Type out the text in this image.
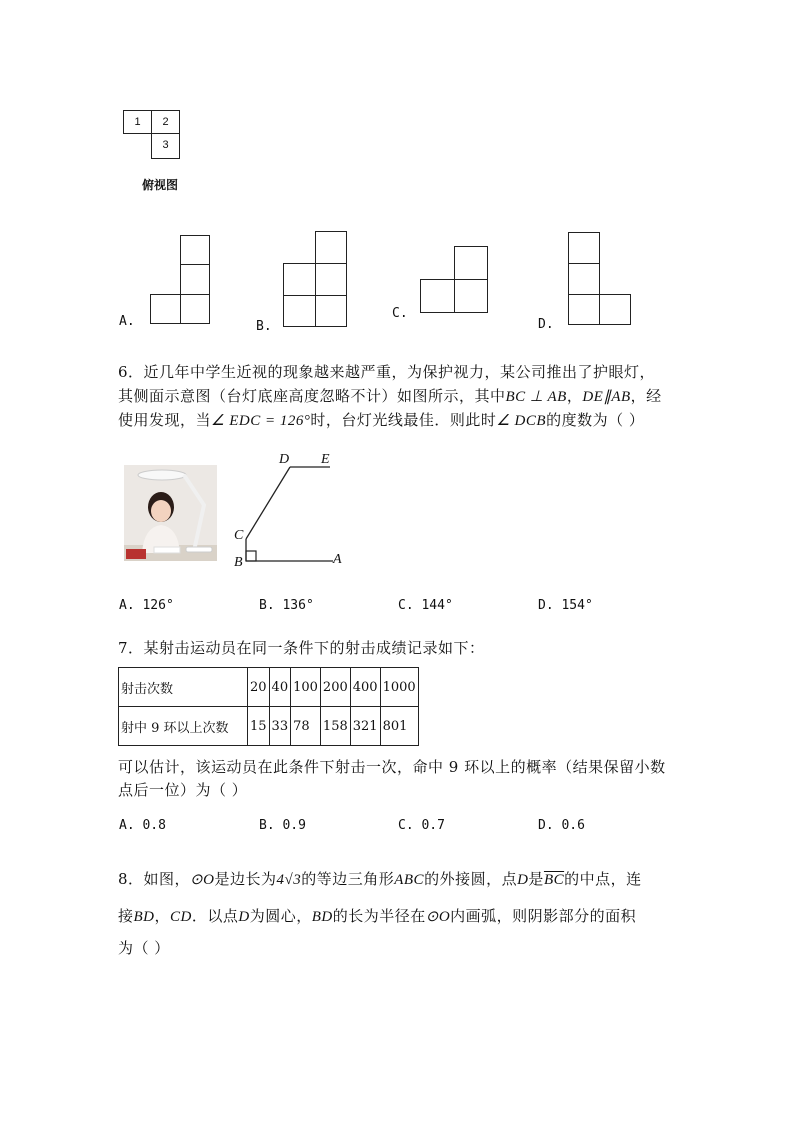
1	2
3
俯视图
A.	B.
C.
D.
6．近几年中学生近视的现象越来越严重，为保护视力，某公司推出了护眼灯，
其侧面示意图（台灯底座高度忽略不计）如图所示，其中BC ⊥ AB，DE∥AB，经
使用发现，当∠ EDC = 126°时，台灯光线最佳．则此时∠ DCB的度数为（ ）
D E
C
B	A
A. 126°	B. 136°	C. 144°	D. 154°
7．某射击运动员在同一条件下的射击成绩记录如下：
射击次数	20	40	100	200	400	1000
射中 9 环以上次数	15	33	78	158	321	801
可以估计，该运动员在此条件下射击一次，命中 9 环以上的概率（结果保留小数
点后一位）为（ ）
A. 0.8	B. 0.9	C. 0.7	D. 0.6
8．如图，⊙O是边长为4√3的等边三角形ABC的外接圆，点D是$\overline{BC}$的中点，连
接BD，CD．以点D为圆心，BD的长为半径在⊙O内画弧，则阴影部分的面积
为（ ）
